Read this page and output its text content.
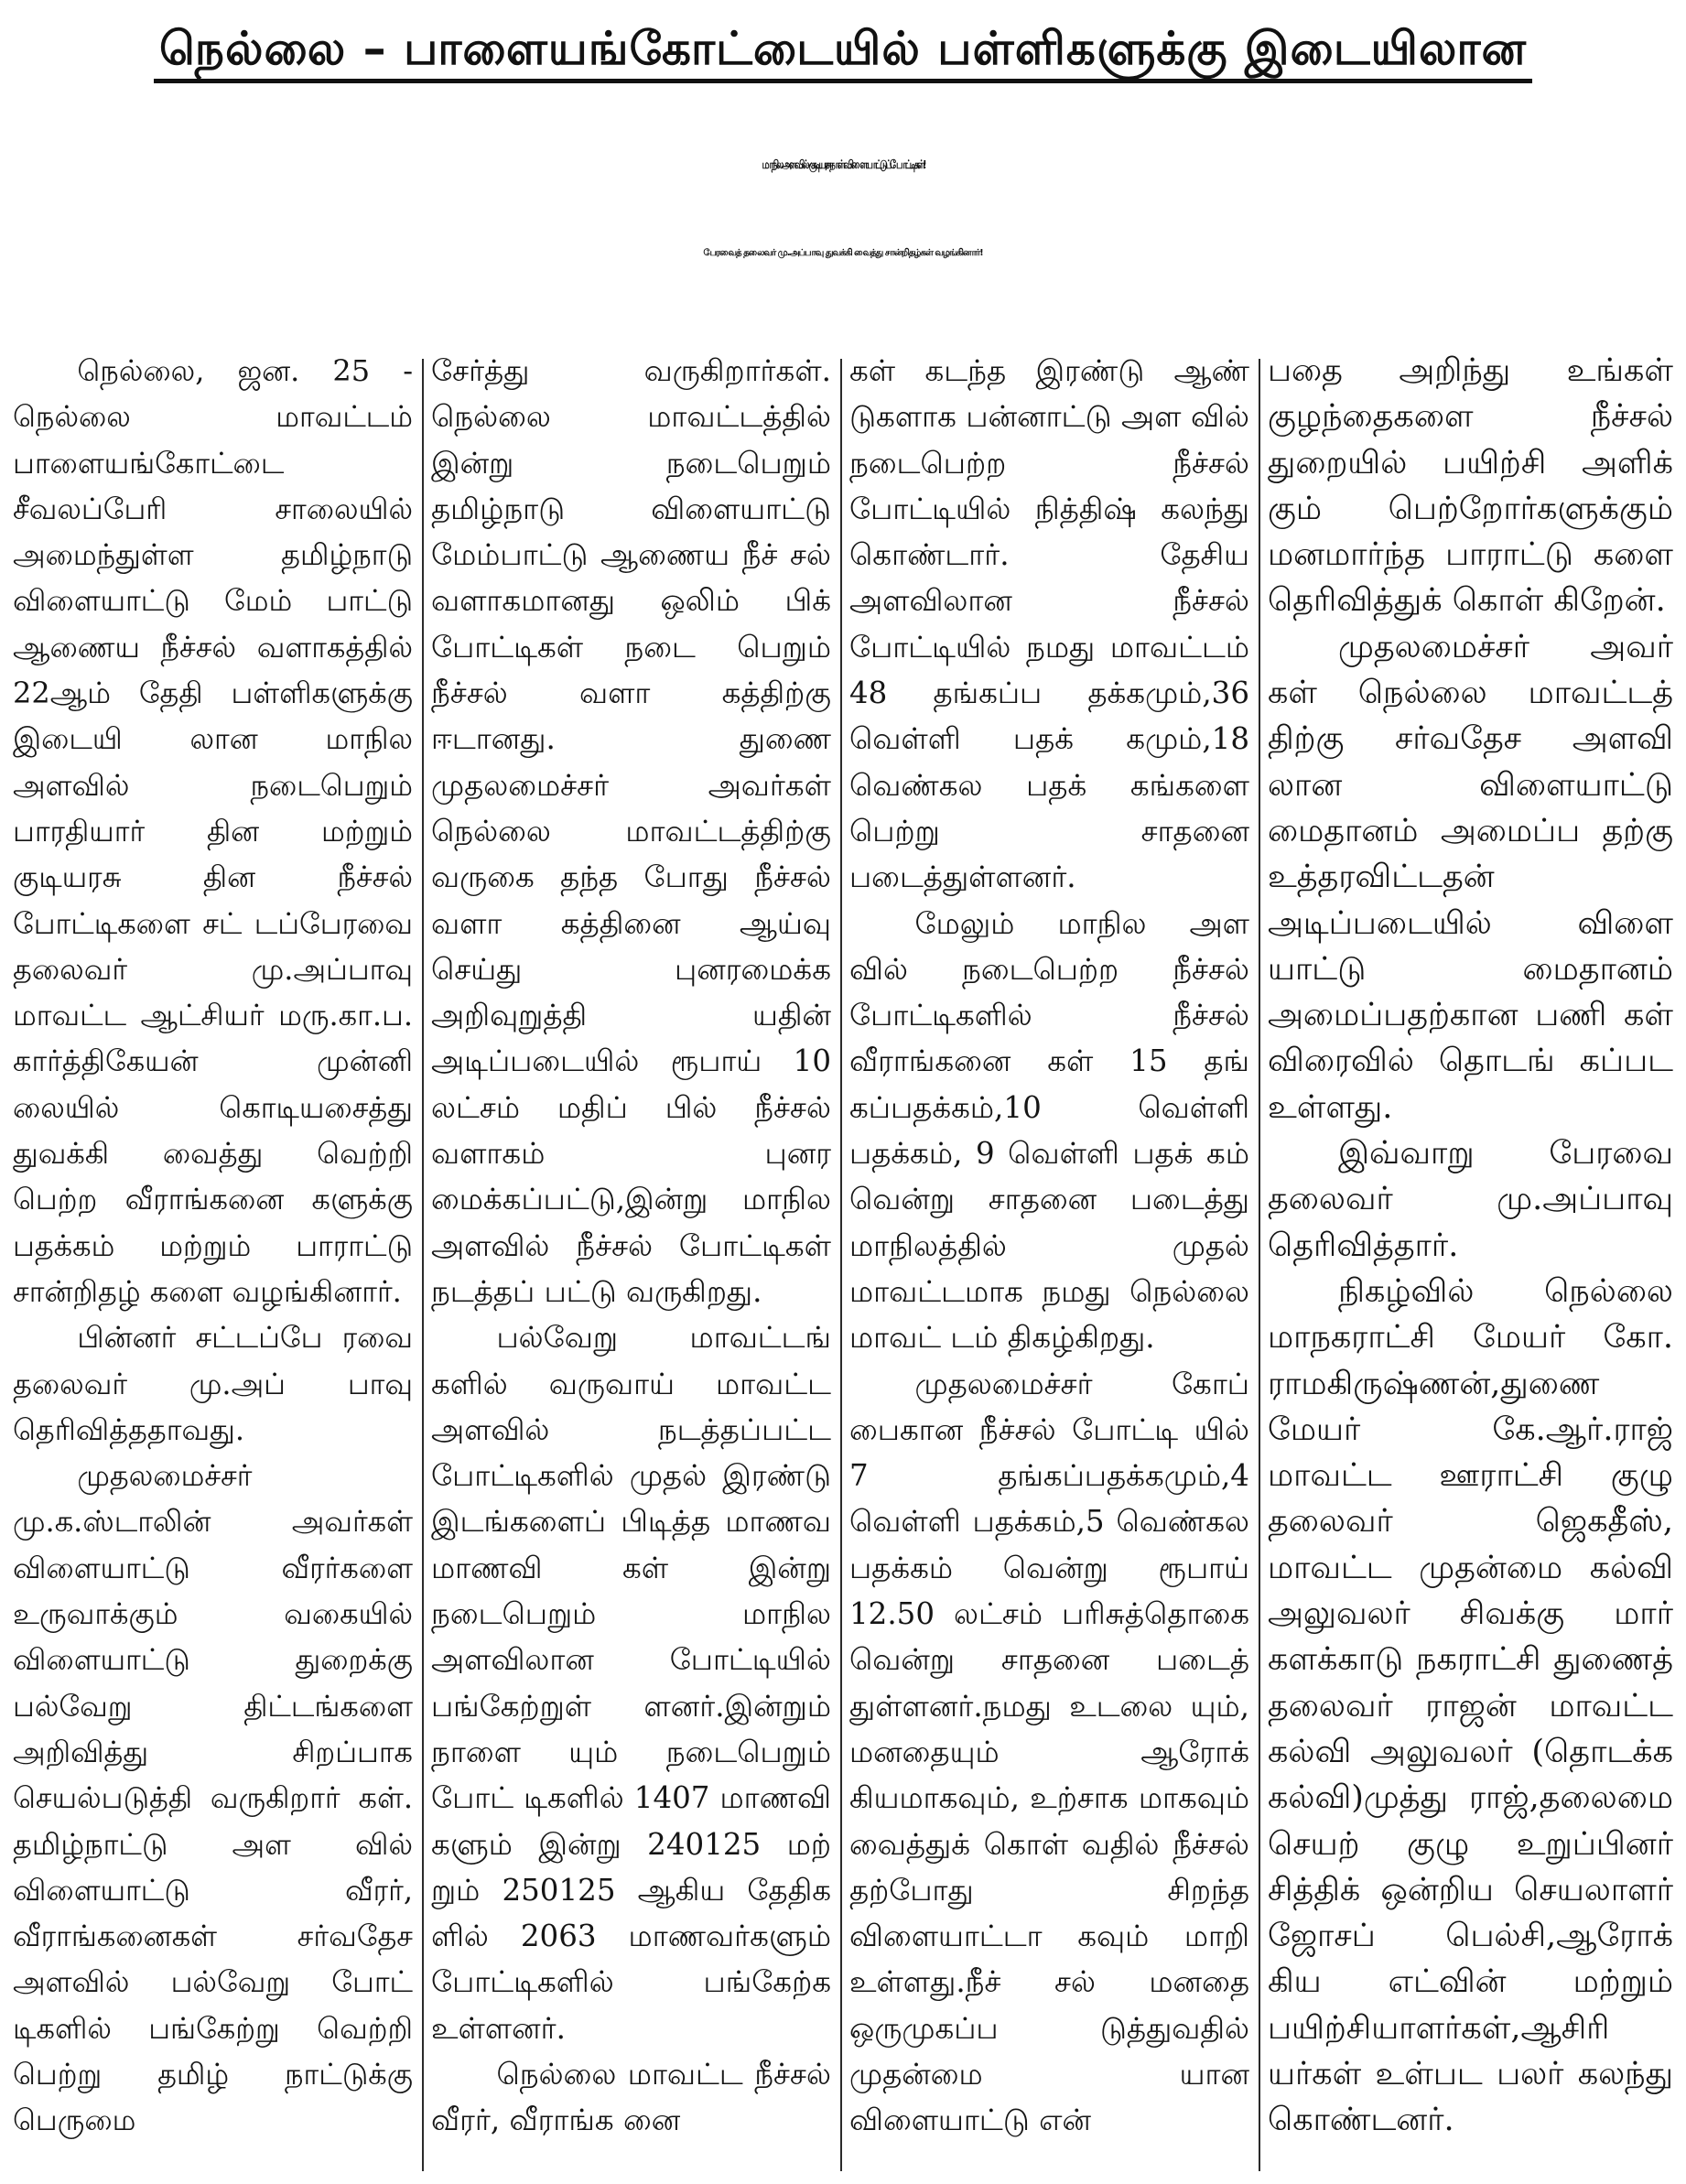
நெல்லை – பாளையங்கோட்டையில் பள்ளிகளுக்கு இடையிலான
மாநில அளவில் - குடியரசு நாள் விளையாட்டுப் போட்டிகள்!
பேரவைத் தலைவர் மு.அப்பாவு துவக்கி வைத்து சான்றிதழ்கள் வழங்கினார்!

நெல்லை, ஜன. 25 - நெல்லை மாவட்டம் பாளையங்கோட்டை சீவலப்பேரி சாலையில் அமைந்துள்ள தமிழ்நாடு விளையாட்டு மேம் பாட்டு ஆணைய நீச்சல் வளாகத்தில் 22ஆம் தேதி பள்ளிகளுக்கு இடையி லான மாநில அளவில் நடைபெறும் பாரதியார் தின மற்றும் குடியரசு தின நீச்சல் போட்டிகளை சட் டப்பேரவை தலைவர் மு.அப்பாவு மாவட்ட ஆட்சியர் மரு.கா.ப. கார்த்திகேயன் முன்னி லையில் கொடியசைத்து துவக்கி வைத்து வெற்றி பெற்ற வீராங்கனை களுக்கு பதக்கம் மற்றும் பாராட்டு சான்றிதழ் களை வழங்கினார்.

பின்னர் சட்டப்பே ரவை தலைவர் மு.அப் பாவு தெரிவித்ததாவது.

முதலமைச்சர் மு.க.ஸ்டாலின் அவர்கள் விளையாட்டு வீரர்களை உருவாக்கும் வகையில் விளையாட்டு துறைக்கு பல்வேறு திட்டங்களை அறிவித்து சிறப்பாக செயல்படுத்தி வருகிறார் கள். தமிழ்நாட்டு அள வில் விளையாட்டு வீரர், வீராங்கனைகள் சர்வதேச அளவில் பல்வேறு போட் டிகளில் பங்கேற்று வெற்றி பெற்று தமிழ் நாட்டுக்கு பெருமை

சேர்த்து வருகிறார்கள். நெல்லை மாவட்டத்தில் இன்று நடைபெறும் தமிழ்நாடு விளையாட்டு மேம்பாட்டு ஆணைய நீச் சல் வளாகமானது ஒலிம் பிக் போட்டிகள் நடை பெறும் நீச்சல் வளா கத்திற்கு ஈடானது. துணை முதலமைச்சர் அவர்கள் நெல்லை மாவட்டத்திற்கு வருகை தந்த போது நீச்சல் வளா கத்தினை ஆய்வு செய்து புனரமைக்க அறிவுறுத்தி யதின் அடிப்படையில் ரூபாய் 10 லட்சம் மதிப் பில் நீச்சல் வளாகம் புனர மைக்கப்பட்டு,இன்று மாநில அளவில் நீச்சல் போட்டிகள் நடத்தப் பட்டு வருகிறது.

பல்வேறு மாவட்டங் களில் வருவாய் மாவட்ட அளவில் நடத்தப்பட்ட போட்டிகளில் முதல் இரண்டு இடங்களைப் பிடித்த மாணவ மாணவி கள் இன்று நடைபெறும் மாநில அளவிலான போட்டியில் பங்கேற்றுள் ளனர்.இன்றும் நாளை யும் நடைபெறும் போட் டிகளில் 1407 மாணவி களும் இன்று 240125 மற் றும் 250125 ஆகிய தேதிக ளில் 2063 மாணவர்களும் போட்டிகளில் பங்கேற்க உள்ளனர்.

நெல்லை மாவட்ட நீச்சல் வீரர், வீராங்க னை

கள் கடந்த இரண்டு ஆண் டுகளாக பன்னாட்டு அள வில் நடைபெற்ற நீச்சல் போட்டியில் நித்திஷ் கலந்து கொண்டார். தேசிய அளவிலான நீச்சல் போட்டியில் நமது மாவட்டம் 48 தங்கப்ப தக்கமும்,36 வெள்ளி பதக் கமும்,18 வெண்கல பதக் கங்களை பெற்று சாதனை படைத்துள்ளனர்.

மேலும் மாநில அள வில் நடைபெற்ற நீச்சல் போட்டிகளில் நீச்சல் வீராங்கனை கள் 15 தங் கப்பதக்கம்,10 வெள்ளி பதக்கம், 9 வெள்ளி பதக் கம் வென்று சாதனை படைத்து மாநிலத்தில் முதல் மாவட்டமாக நமது நெல்லை மாவட் டம் திகழ்கிறது.

முதலமைச்சர் கோப் பைகான நீச்சல் போட்டி யில் 7 தங்கப்பதக்கமும்,4 வெள்ளி பதக்கம்,5 வெண்கல பதக்கம் வென்று ரூபாய் 12.50 லட்சம் பரிசுத்தொகை வென்று சாதனை படைத் துள்ளனர்.நமது உடலை யும், மனதையும் ஆரோக் கியமாகவும், உற்சாக மாகவும் வைத்துக் கொள் வதில் நீச்சல் தற்போது சிறந்த விளையாட்டா கவும் மாறி உள்ளது.நீச் சல் மனதை ஒருமுகப்ப டுத்துவதில் முதன்மை யான விளையாட்டு என்

பதை அறிந்து உங்கள் குழந்தைகளை நீச்சல் துறையில் பயிற்சி அளிக் கும் பெற்றோர்களுக்கும் மனமார்ந்த பாராட்டு களை தெரிவித்துக் கொள் கிறேன்.

முதலமைச்சர் அவர் கள் நெல்லை மாவட்டத் திற்கு சர்வதேச அளவி லான விளையாட்டு மைதானம் அமைப்ப தற்கு உத்தரவிட்டதன் அடிப்படையில் விளை யாட்டு மைதானம் அமைப்பதற்கான பணி கள் விரைவில் தொடங் கப்பட உள்ளது.

இவ்வாறு பேரவை தலைவர் மு.அப்பாவு தெரிவித்தார்.

நிகழ்வில் நெல்லை மாநகராட்சி மேயர் கோ. ராமகிருஷ்ணன்,துணை மேயர் கே.ஆர்.ராஜ் மாவட்ட ஊராட்சி குழு தலைவர் ஜெகதீஸ், மாவட்ட முதன்மை கல்வி அலுவலர் சிவக்கு மார் களக்காடு நகராட்சி துணைத் தலைவர் ராஜன் மாவட்ட கல்வி அலுவலர் (தொடக்க கல்வி)முத்து ராஜ்,தலைமை செயற் குழு உறுப்பினர் சித்திக் ஒன்றிய செயலாளர் ஜோசப் பெல்சி,ஆரோக் கிய எட்வின் மற்றும் பயிற்சியாளர்கள்,ஆசிரி யர்கள் உள்பட பலர் கலந்து கொண்டனர்.
